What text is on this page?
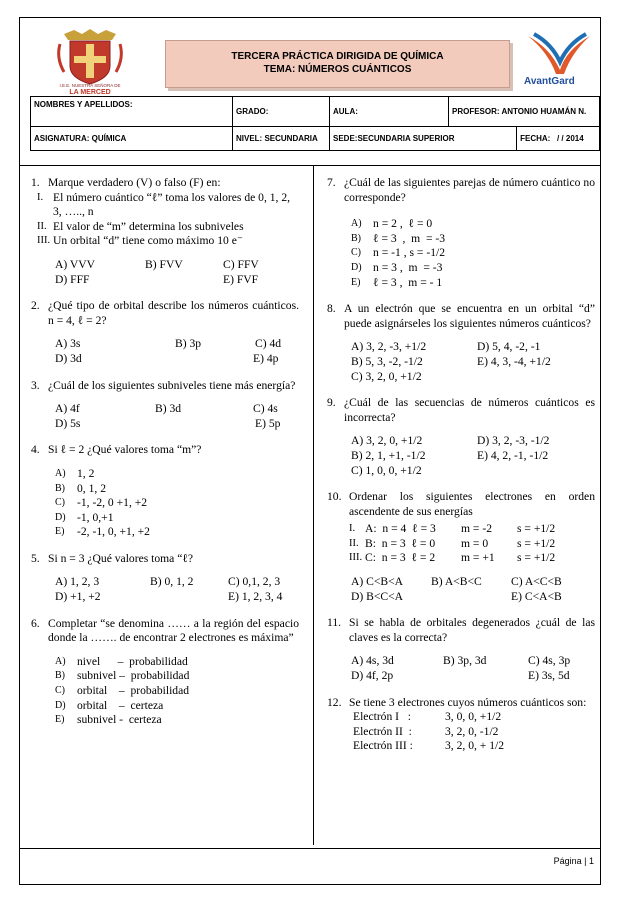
I.E.E. NUESTRA SEÑORA DE
LA MERCED
TERCERA PRÁCTICA DIRIGIDA DE QUÍMICA
TEMA: NÚMEROS CUÁNTICOS
AvantGard
NOMBRES Y APELLIDOS:	GRADO:	AULA:	PROFESOR: ANTONIO HUAMÁN N.	
ASIGNATURA: QUÍMICA	NIVEL: SECUNDARIA	SEDE:SECUNDARIA SUPERIOR		FECHA: / / 2014
1. Marque verdadero (V) o falso (F) en:
I. El número cuántico “ℓ” toma los valores de 0, 1, 2, 3, ….., n
II. El valor de “m” determina los subniveles
III. Un orbital “d” tiene como máximo 10 e⁻
A) VVV	B) FVV	C) FFV
D) FFF	E) FVF
2. ¿Qué tipo de orbital describe los números cuánticos. n = 4, ℓ = 2?
A) 3s	B) 3p	C) 4d
D) 3d	E) 4p
3. ¿Cuál de los siguientes subniveles tiene más energía?
A) 4f	B) 3d	C) 4s
D) 5s	E) 5p
4. Si ℓ = 2 ¿Qué valores toma “m”?
A) 1, 2
B)	0, 1, 2
C)	-1, -2, 0 +1, +2
D) -1, 0,+1
E)	-2, -1, 0, +1, +2
5. Si n = 3 ¿Qué valores toma “ℓ?
A) 1, 2, 3	B) 0, 1, 2	C) 0,1, 2, 3
D) +1, +2	E) 1, 2, 3, 4
6. Completar “se denomina …… a la región del espacio donde la ……. de encontrar 2 electrones es máxima”
A) nivel      –  probabilidad
B)	subnivel –  probabilidad
C)	orbital    –  probabilidad
D) orbital    –  certeza
E)	subnivel -  certeza
7. ¿Cuál de las siguientes parejas de número cuántico no corresponde?
A) n = 2 ,  ℓ = 0
B)	ℓ = 3  ,  m  = -3
C)	n = -1 , s = -1/2
D) n = 3 ,  m  = -3
E)	ℓ = 3 ,  m = - 1
8. A un electrón que se encuentra en un orbital “d” puede asignárseles los siguientes números cuánticos?
A) 3, 2, -3, +1/2	D) 5, 4, -2, -1
B) 5, 3, -2, -1/2	E) 4, 3, -4, +1/2
C) 3, 2, 0, +1/2
9. ¿Cuál de las secuencias de números cuánticos es incorrecta?
A) 3, 2, 0, +1/2	D) 3, 2, -3, -1/2
B) 2, 1, +1, -1/2	E) 4, 2, -1, -1/2
C) 1, 0, 0, +1/2
10. Ordenar los siguientes electrones en orden ascendente de sus energías
I. A:  n = 4  ℓ = 3	m = -2	s = +1/2
II. B:  n = 3  ℓ = 0	m = 0	s = +1/2
III. C:  n = 3  ℓ = 2	m = +1	s = +1/2
A) C<B<A	B) A<B<C	C) A<C<B
D) B<C<A	E) C<A<B
11. Si se habla de orbitales degenerados ¿cuál de las claves es la correcta?
A) 4s, 3d	B) 3p, 3d	C) 4s, 3p
D) 4f, 2p	E) 3s, 5d
12. Se tiene 3 electrones cuyos números cuánticos son:
Electrón I   :	3, 0, 0, +1/2
Electrón II  :	3, 2, 0, -1/2
Electrón III :	3, 2, 0, + 1/2
Página | 1
